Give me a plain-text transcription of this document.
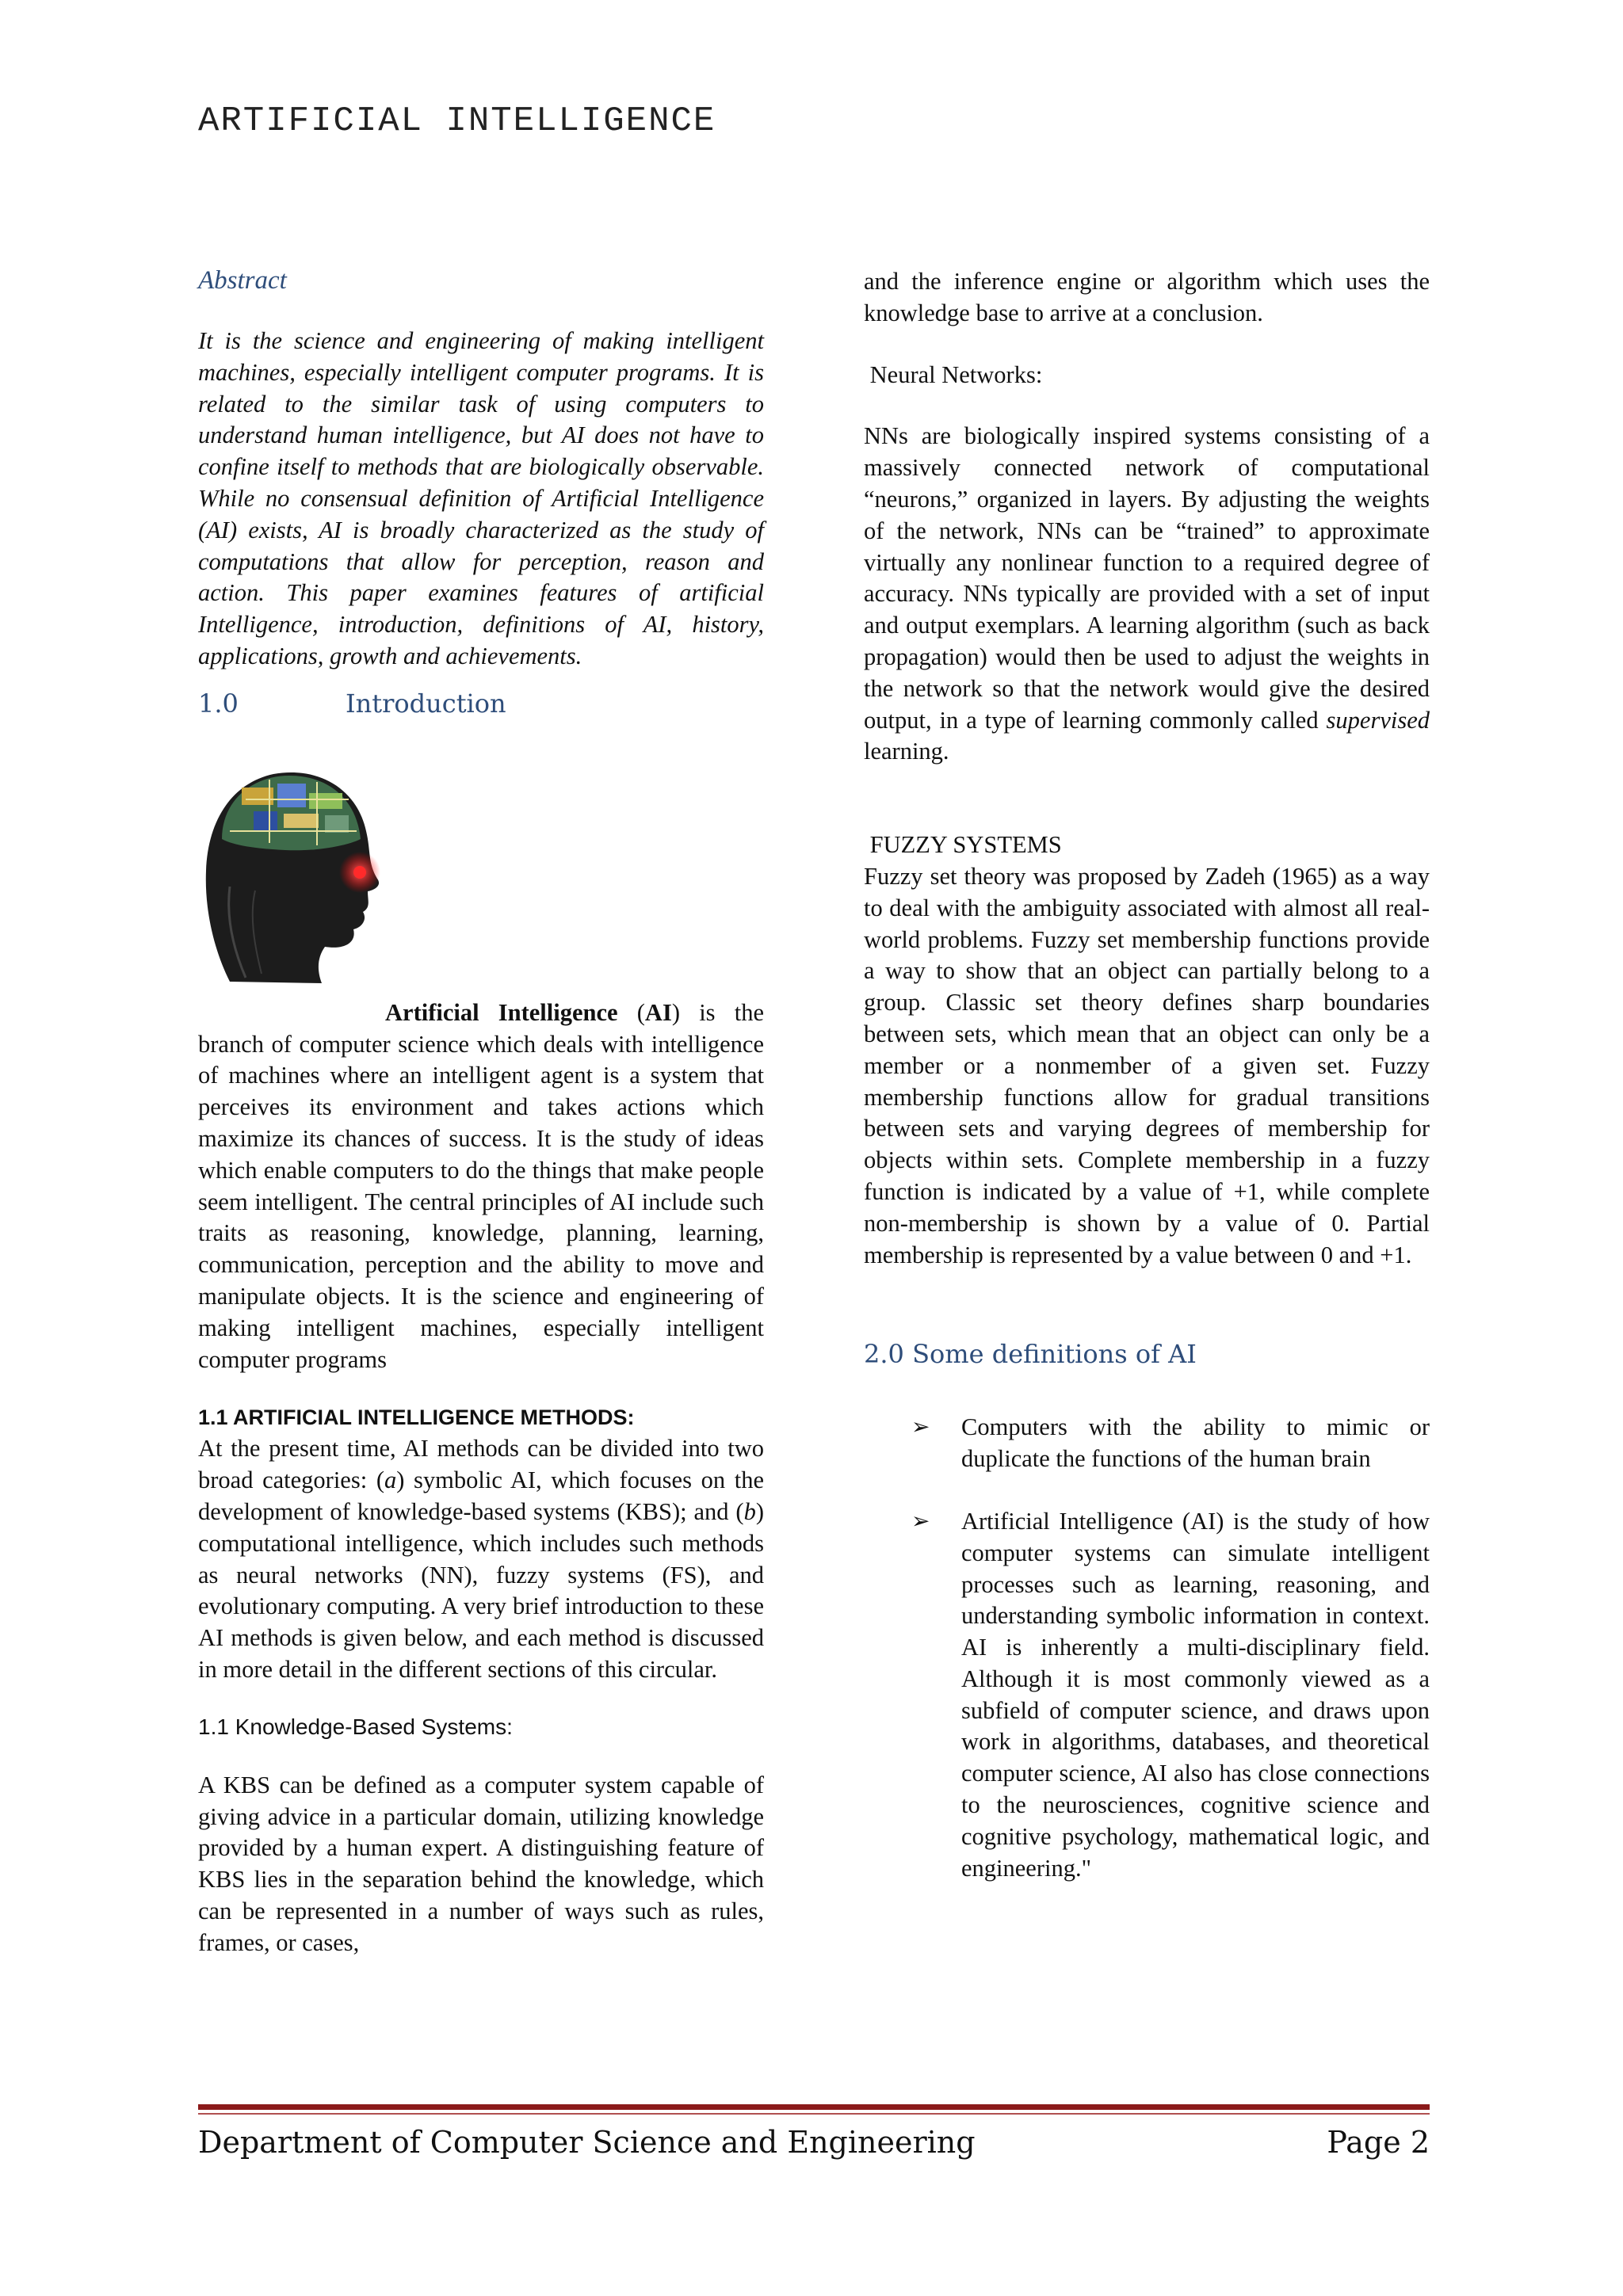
ARTIFICIAL INTELLIGENCE
Abstract

It is the science and engineering of making intelligent machines, especially intelligent computer programs. It is related to the similar task of using computers to understand human intelligence, but AI does not have to confine itself to methods that are biologically observable. While no consensual definition of Artificial Intelligence (AI) exists, AI is broadly characterized as the study of computations that allow for perception, reason and action. This paper examines features of artificial Intelligence, introduction, definitions of AI, history, applications, growth and achievements.

1.0	Introduction

Artificial Intelligence (AI) is the branch of computer science which deals with intelligence of machines where an intelligent agent is a system that perceives its environment and takes actions which maximize its chances of success. It is the study of ideas which enable computers to do the things that make people seem intelligent. The central principles of AI include such traits as reasoning, knowledge, planning, learning, communication, perception and the ability to move and manipulate objects. It is the science and engineering of making intelligent machines, especially intelligent computer programs

1.1 ARTIFICIAL INTELLIGENCE METHODS:

At the present time, AI methods can be divided into two broad categories: (a) symbolic AI, which focuses on the development of knowledge-based systems (KBS); and (b) computational intelligence, which includes such methods as neural networks (NN), fuzzy systems (FS), and evolutionary computing. A very brief introduction to these AI methods is given below, and each method is discussed in more detail in the different sections of this circular.

1.1 Knowledge-Based Systems:

A KBS can be defined as a computer system capable of giving advice in a particular domain, utilizing knowledge provided by a human expert. A distinguishing feature of KBS lies in the separation behind the knowledge, which can be represented in a number of ways such as rules, frames, or cases,

and the inference engine or algorithm which uses the knowledge base to arrive at a conclusion.

Neural Networks:

NNs are biologically inspired systems consisting of a massively connected network of computational “neurons,” organized in layers. By adjusting the weights of the network, NNs can be “trained” to approximate virtually any nonlinear function to a required degree of accuracy. NNs typically are provided with a set of input and output exemplars. A learning algorithm (such as back propagation) would then be used to adjust the weights in the network so that the network would give the desired output, in a type of learning commonly called supervised learning.

FUZZY SYSTEMS

Fuzzy set theory was proposed by Zadeh (1965) as a way to deal with the ambiguity associated with almost all real-world problems. Fuzzy set membership functions provide a way to show that an object can partially belong to a group. Classic set theory defines sharp boundaries between sets, which mean that an object can only be a member or a nonmember of a given set. Fuzzy membership functions allow for gradual transitions between sets and varying degrees of membership for objects within sets. Complete membership in a fuzzy function is indicated by a value of +1, while complete non-membership is shown by a value of 0. Partial membership is represented by a value between 0 and +1.

2.0 Some definitions of AI
➢ Computers with the ability to mimic or duplicate the functions of the human brain

➢ Artificial Intelligence (AI) is the study of how computer systems can simulate intelligent processes such as learning, reasoning, and understanding symbolic information in context. AI is inherently a multi-disciplinary field. Although it is most commonly viewed as a subfield of computer science, and draws upon work in algorithms, databases, and theoretical computer science, AI also has close connections to the neurosciences, cognitive science and cognitive psychology, mathematical logic, and engineering."

Department of Computer Science and Engineering	Page 2
